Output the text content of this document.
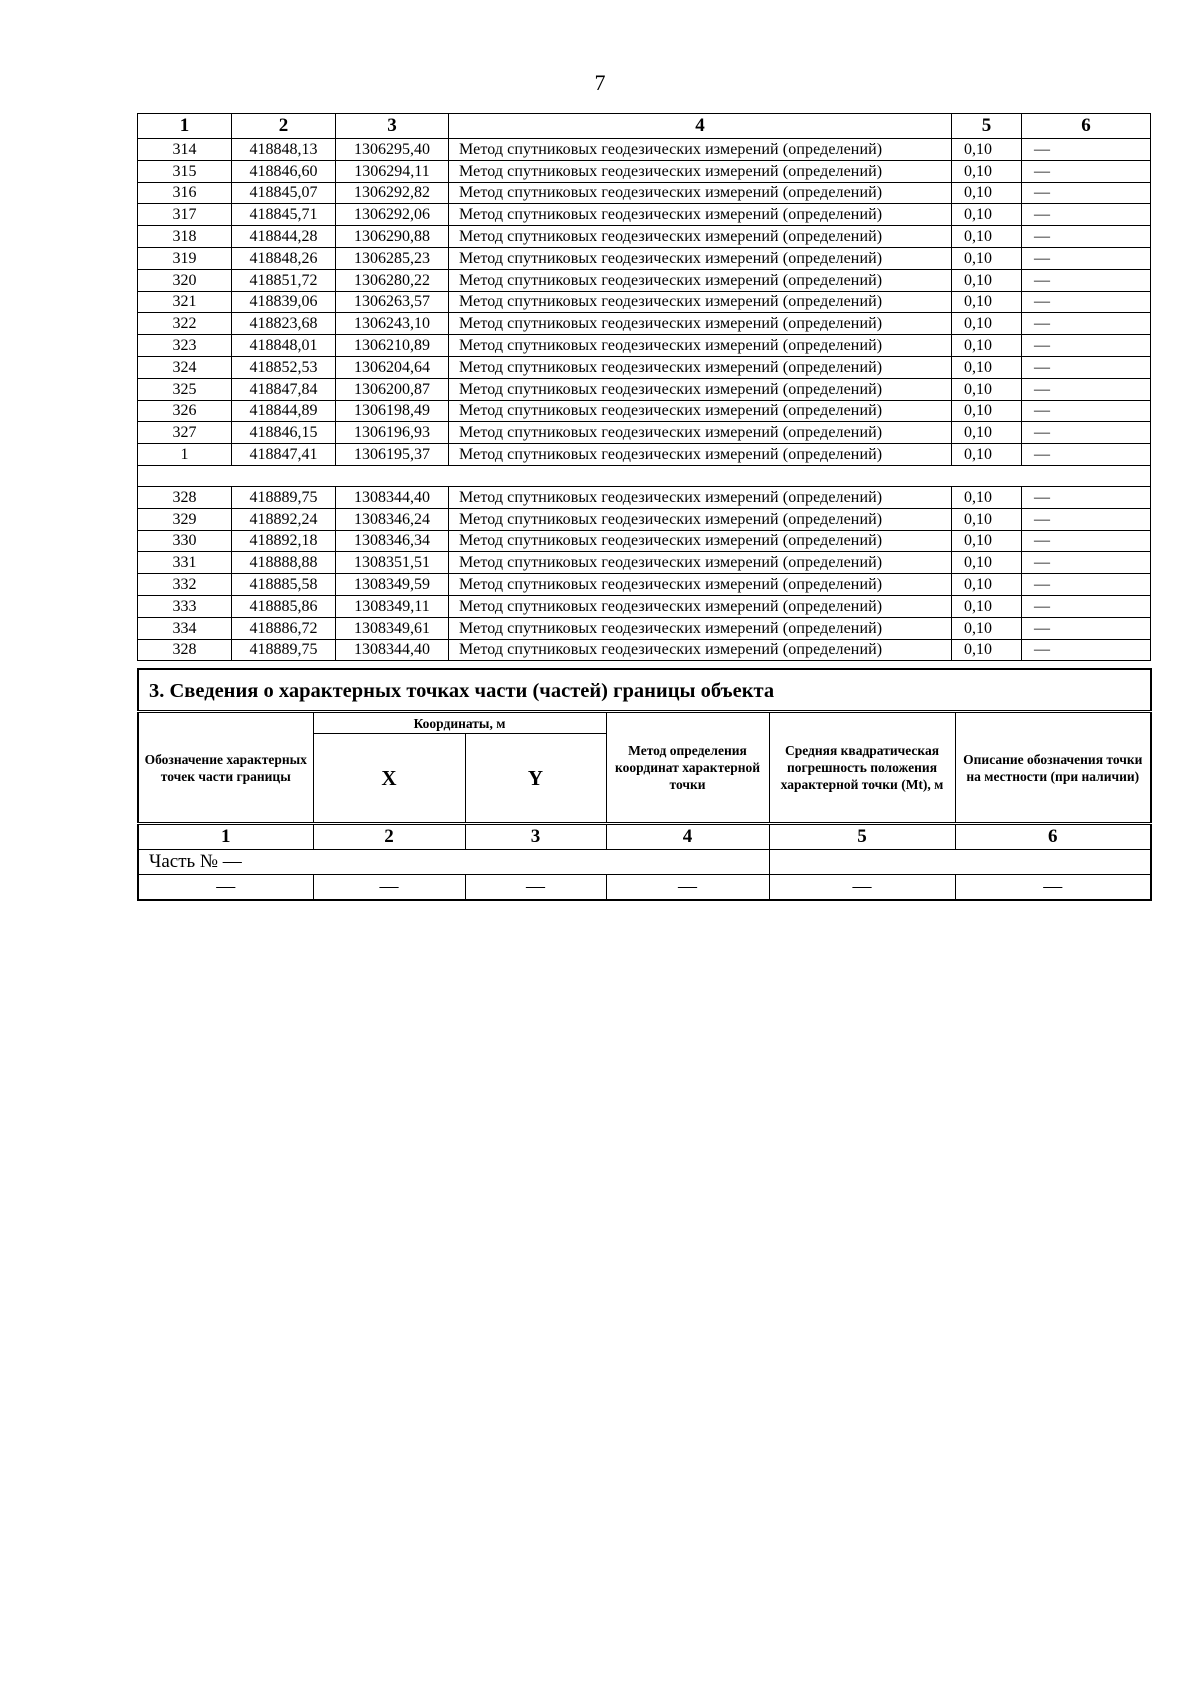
7
1	2	3	4	5	6
314	418848,13	1306295,40	Метод спутниковых геодезических измерений (определений)	0,10	—
315	418846,60	1306294,11	Метод спутниковых геодезических измерений (определений)	0,10	—
316	418845,07	1306292,82	Метод спутниковых геодезических измерений (определений)	0,10	—
317	418845,71	1306292,06	Метод спутниковых геодезических измерений (определений)	0,10	—
318	418844,28	1306290,88	Метод спутниковых геодезических измерений (определений)	0,10	—
319	418848,26	1306285,23	Метод спутниковых геодезических измерений (определений)	0,10	—
320	418851,72	1306280,22	Метод спутниковых геодезических измерений (определений)	0,10	—
321	418839,06	1306263,57	Метод спутниковых геодезических измерений (определений)	0,10	—
322	418823,68	1306243,10	Метод спутниковых геодезических измерений (определений)	0,10	—
323	418848,01	1306210,89	Метод спутниковых геодезических измерений (определений)	0,10	—
324	418852,53	1306204,64	Метод спутниковых геодезических измерений (определений)	0,10	—
325	418847,84	1306200,87	Метод спутниковых геодезических измерений (определений)	0,10	—
326	418844,89	1306198,49	Метод спутниковых геодезических измерений (определений)	0,10	—
327	418846,15	1306196,93	Метод спутниковых геодезических измерений (определений)	0,10	—
1	418847,41	1306195,37	Метод спутниковых геодезических измерений (определений)	0,10	—

328	418889,75	1308344,40	Метод спутниковых геодезических измерений (определений)	0,10	—
329	418892,24	1308346,24	Метод спутниковых геодезических измерений (определений)	0,10	—
330	418892,18	1308346,34	Метод спутниковых геодезических измерений (определений)	0,10	—
331	418888,88	1308351,51	Метод спутниковых геодезических измерений (определений)	0,10	—
332	418885,58	1308349,59	Метод спутниковых геодезических измерений (определений)	0,10	—
333	418885,86	1308349,11	Метод спутниковых геодезических измерений (определений)	0,10	—
334	418886,72	1308349,61	Метод спутниковых геодезических измерений (определений)	0,10	—
328	418889,75	1308344,40	Метод спутниковых геодезических измерений (определений)	0,10	—
3. Сведения о характерных точках части (частей) границы объекта					
Обозначение характерных точек части границы	Координаты, м		Метод определения координат характерной точки	Средняя квадратическая погрешность положения характерной точки (Mt), м	Описание обозначения точки на местности (при наличии)
	X	Y			
1	2	3	4	5	6
Часть № —					
—	—	—	—	—	—
